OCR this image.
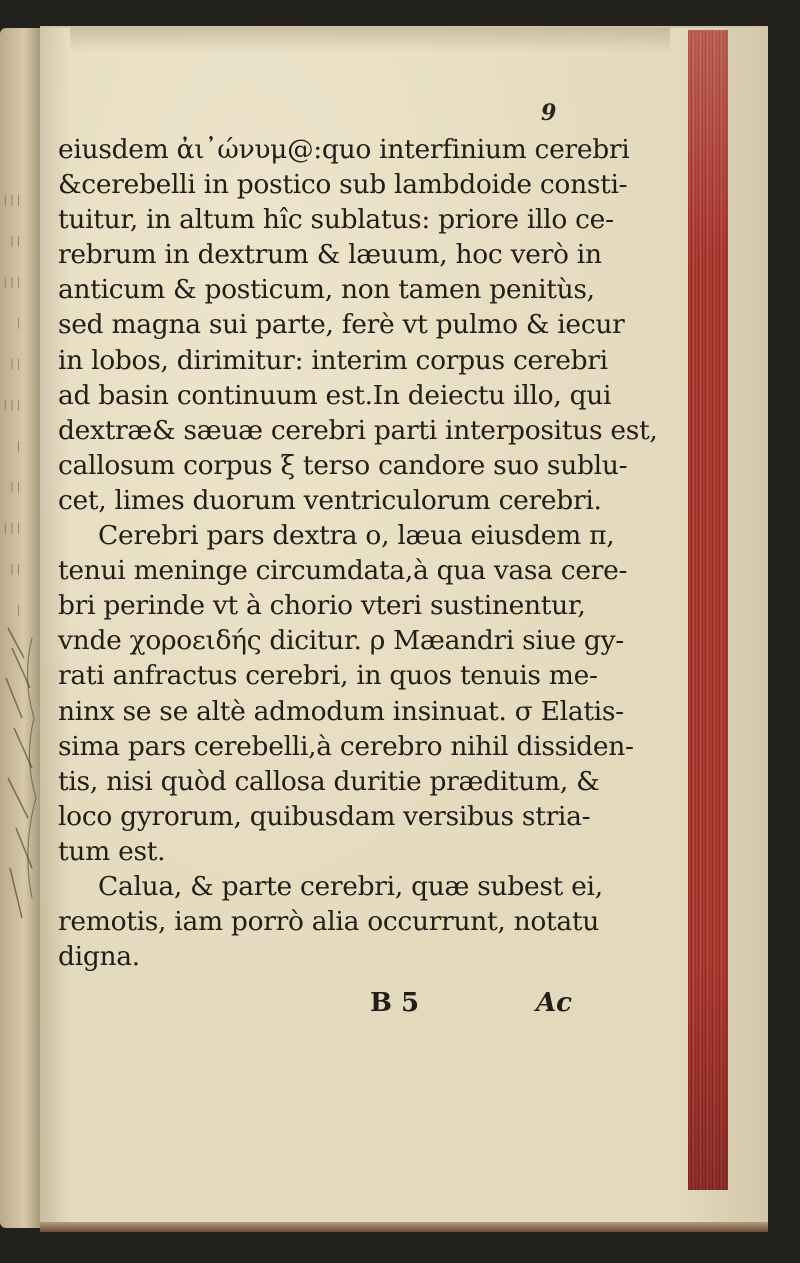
|||
||
|||
|
||
|||
|
||
|||
||
|

9
eiusdem ἀι᾽ώνυμ@:quo interfinium cerebri
&cerebelli in postico sub lambdoide consti-
tuitur, in altum hîc sublatus: priore illo ce-
rebrum in dextrum & læuum, hoc verò in
anticum & posticum, non tamen penitùs,
sed magna sui parte, ferè vt pulmo & iecur
in lobos, dirimitur: interim corpus cerebri
ad basin continuum est.In deiectu illo, qui
dextræ& sæuæ cerebri parti interpositus est,
callosum corpus ξ terso candore suo sublu-
cet, limes duorum ventriculorum cerebri.
Cerebri pars dextra o, læua eiusdem π,
tenui meninge circumdata,à qua vasa cere-
bri perinde vt à chorio vteri sustinentur,
vnde χοροειδής dicitur. ρ Mæandri siue gy-
rati anfractus cerebri, in quos tenuis me-
ninx se se altè admodum insinuat. σ Elatis-
sima pars cerebelli,à cerebro nihil dissiden-
tis, nisi quòd callosa duritie præditum, &
loco gyrorum, quibusdam versibus stria-
tum est.
Calua, & parte cerebri, quæ subest ei,
remotis, iam porrò alia occurrunt, notatu
digna.
B 5	Ac
